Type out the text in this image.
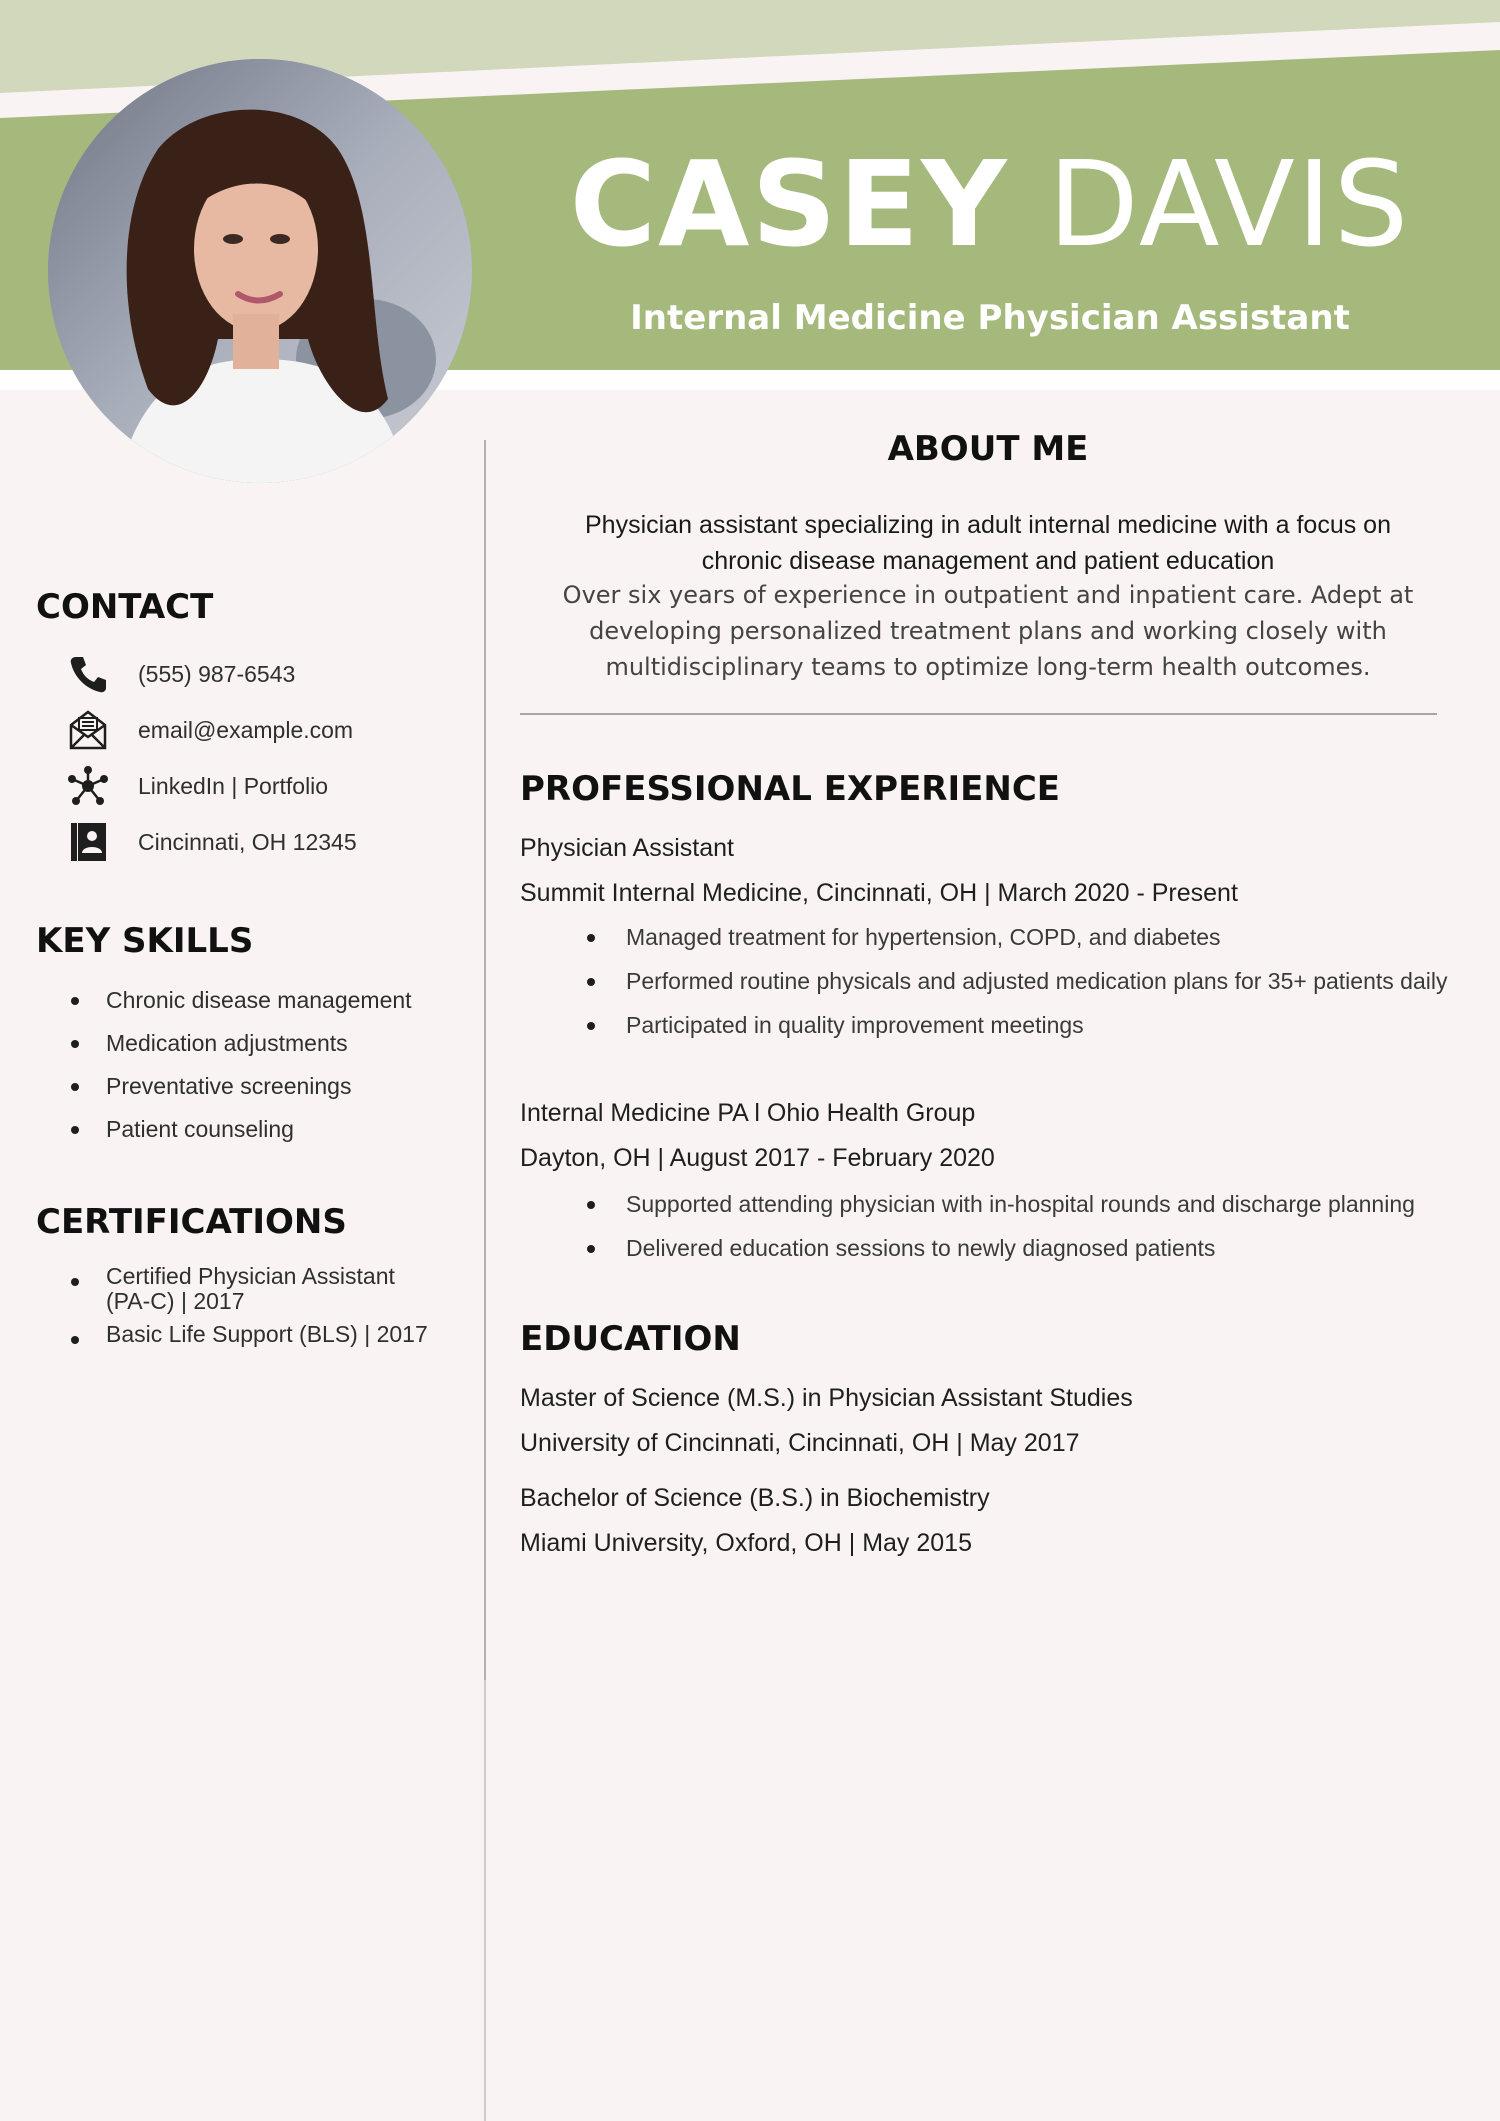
CASEY DAVIS
Internal Medicine Physician Assistant
CONTACT
(555) 987-6543
email@example.com
LinkedIn | Portfolio
Cincinnati, OH 12345
KEY SKILLS
Chronic disease management
Medication adjustments
Preventative screenings
Patient counseling
CERTIFICATIONS
Certified Physician Assistant (PA-C) | 2017
Basic Life Support (BLS) | 2017
ABOUT ME
Physician assistant specializing in adult internal medicine with a focus on chronic disease management and patient education
Over six years of experience in outpatient and inpatient care. Adept at developing personalized treatment plans and working closely with multidisciplinary teams to optimize long-term health outcomes.
PROFESSIONAL EXPERIENCE
Physician Assistant
Summit Internal Medicine, Cincinnati, OH | March 2020 - Present
Managed treatment for hypertension, COPD, and diabetes
Performed routine physicals and adjusted medication plans for 35+ patients daily
Participated in quality improvement meetings
Internal Medicine PA l Ohio Health Group
Dayton, OH | August 2017 - February 2020
Supported attending physician with in-hospital rounds and discharge planning
Delivered education sessions to newly diagnosed patients
EDUCATION
Master of Science (M.S.) in Physician Assistant Studies
University of Cincinnati, Cincinnati, OH | May 2017
Bachelor of Science (B.S.) in Biochemistry
Miami University, Oxford, OH | May 2015
